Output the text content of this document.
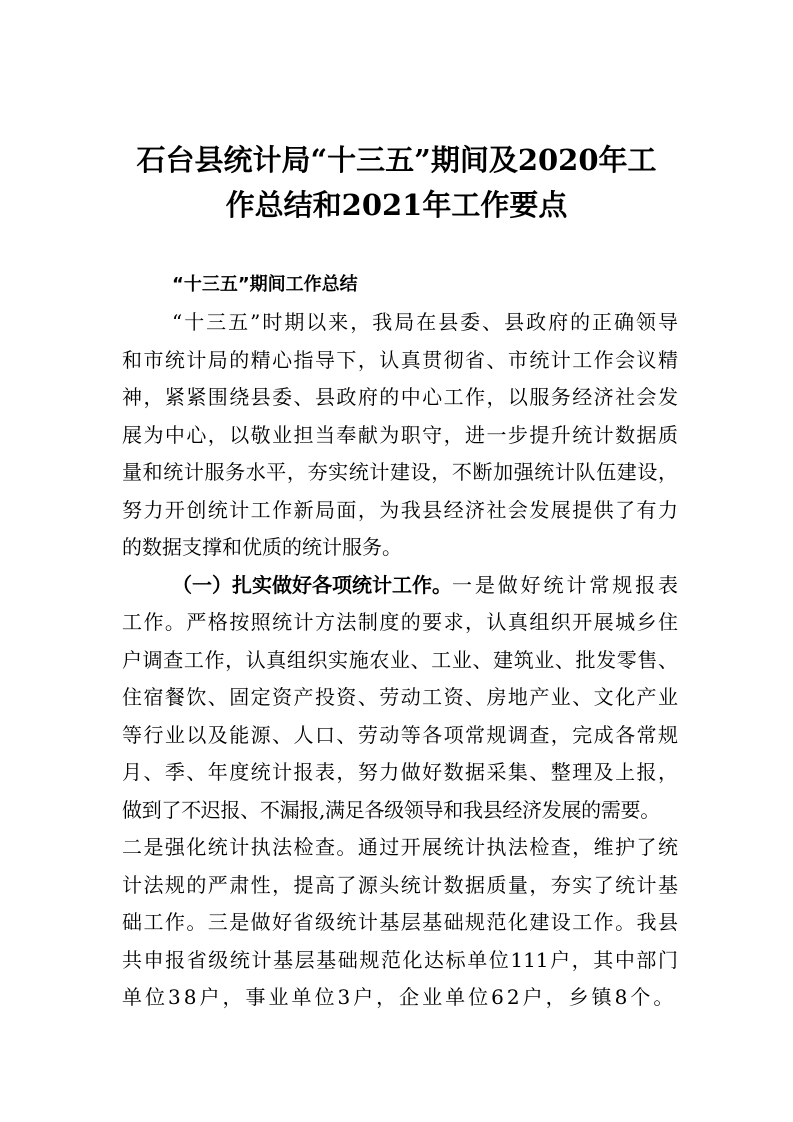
石台县统计局“十三五”期间及2020年工
作总结和2021年工作要点
“十三五”期间工作总结
“十三五”时期以来，我局在县委、县政府的正确领导
和市统计局的精心指导下，认真贯彻省、市统计工作会议精
神，紧紧围绕县委、县政府的中心工作，以服务经济社会发
展为中心，以敬业担当奉献为职守，进一步提升统计数据质
量和统计服务水平，夯实统计建设，不断加强统计队伍建设，
努力开创统计工作新局面，为我县经济社会发展提供了有力
的数据支撑和优质的统计服务。
（一）扎实做好各项统计工作。 一是做好统计常规报表
工作。严格按照统计方法制度的要求，认真组织开展城乡住
户调查工作，认真组织实施农业、工业、建筑业、批发零售、
住宿餐饮、固定资产投资、劳动工资、房地产业、文化产业
等行业以及能源、人口、劳动等各项常规调查，完成各常规
月、季、年度统计报表，努力做好数据采集、整理及上报，
做到了不迟报、不漏报,满足各级领导和我县经济发展的需要。
二是强化统计执法检查。通过开展统计执法检查，维护了统
计法规的严肃性，提高了源头统计数据质量，夯实了统计基
础工作。三是做好省级统计基层基础规范化建设工作。我县
共申报省级统计基层基础规范化达标单位111户，其中部门
单位38户，事业单位3户，企业单位62户，乡镇8个。
